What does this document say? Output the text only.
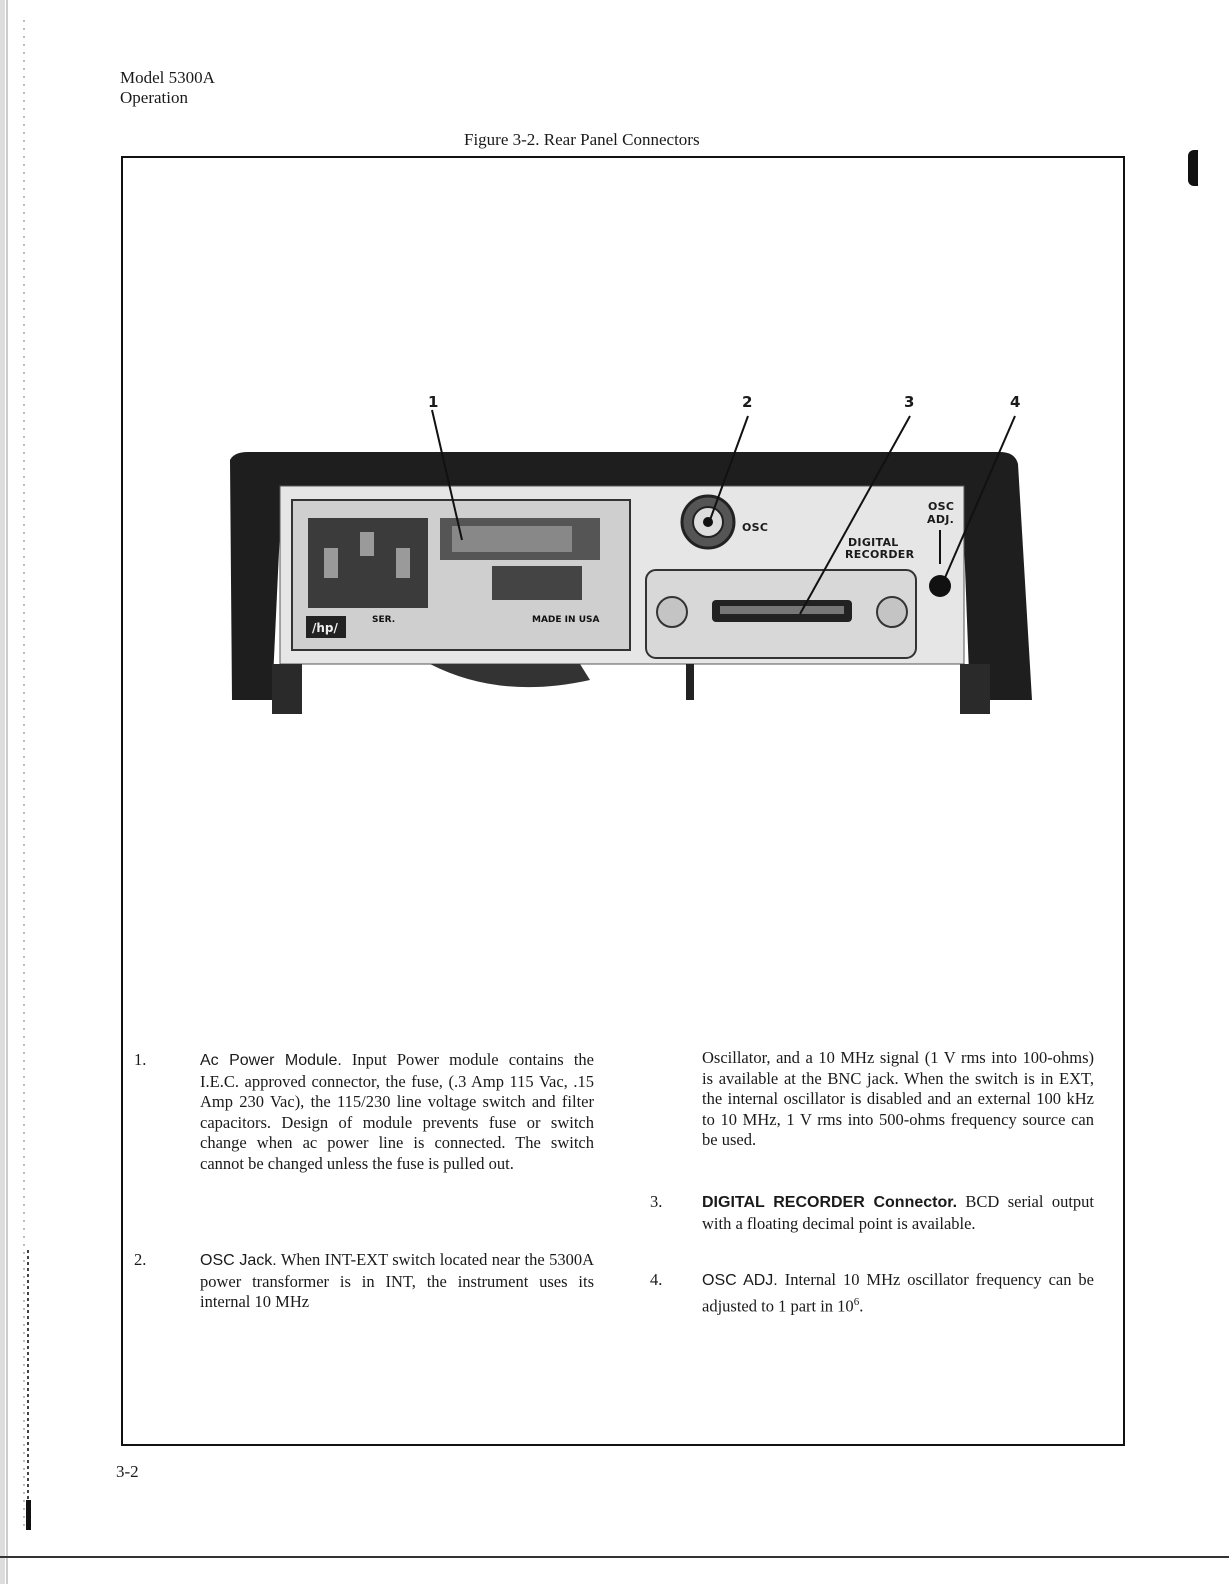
Model 5300A
Operation
Figure 3-2. Rear Panel Connectors
/hp/
SER.	MADE IN USA
1	2	3	4
OSC
DIGITAL
RECORDER
OSC
ADJ.
1.	Ac Power Module. Input Power module contains the I.E.C. approved connector, the fuse, (.3 Amp 115 Vac, .15 Amp 230 Vac), the 115/230 line voltage switch and filter capacitors. Design of module prevents fuse or switch change when ac power line is connected. The switch cannot be changed unless the fuse is pulled out.
2.	OSC Jack. When INT-EXT switch located near the 5300A power transformer is in INT, the instrument uses its internal 10 MHz
Oscillator, and a 10 MHz signal (1 V rms into 100-ohms) is available at the BNC jack. When the switch is in EXT, the internal oscillator is disabled and an external 100 kHz to 10 MHz, 1 V rms into 500-ohms frequency source can be used.
3. DIGITAL RECORDER Connector. BCD serial output with a floating decimal point is available.
4. OSC ADJ. Internal 10 MHz oscillator frequency can be adjusted to 1 part in $10^6$.
3-2
